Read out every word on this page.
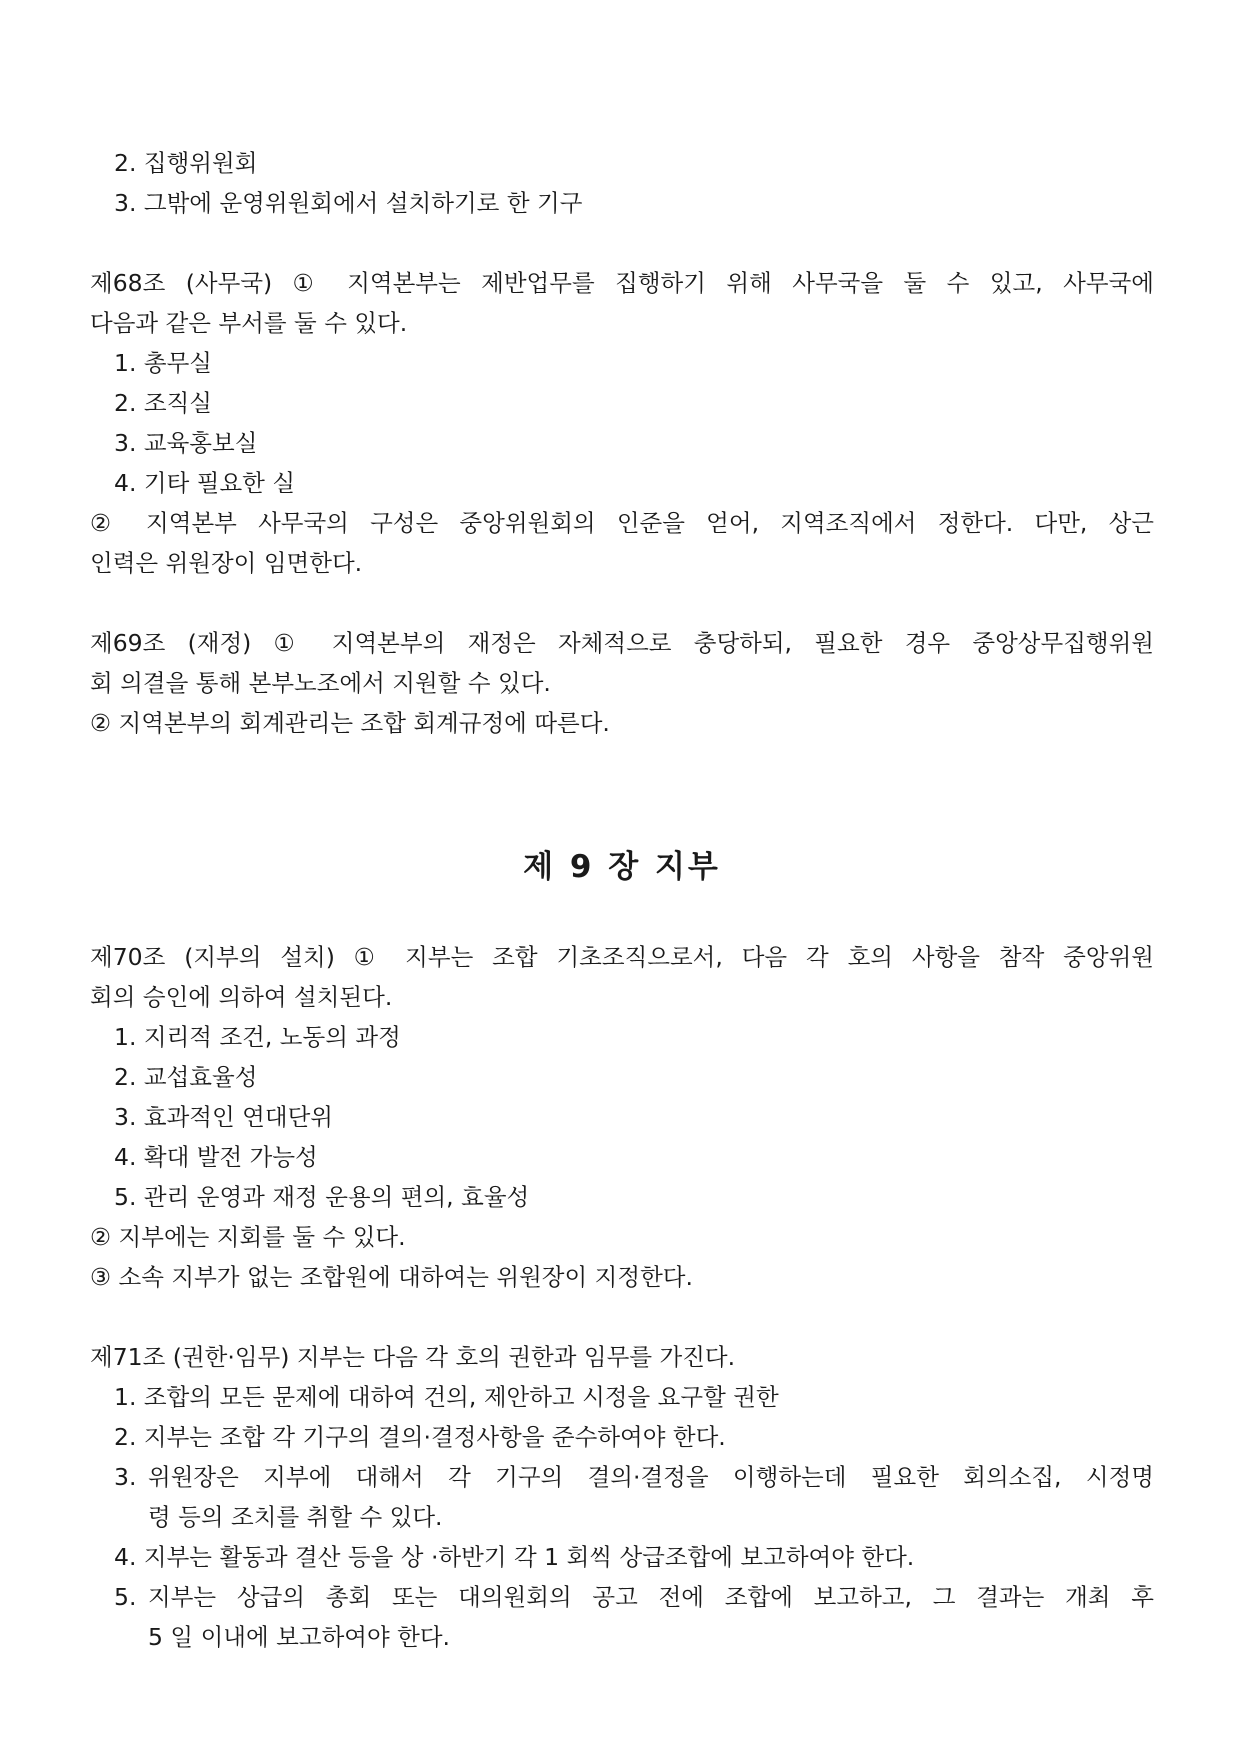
2. 집행위원회
3. 그밖에 운영위원회에서 설치하기로 한 기구
제68조 (사무국) ① 지역본부는 제반업무를 집행하기 위해 사무국을 둘 수 있고, 사무국에
다음과 같은 부서를 둘 수 있다.
1. 총무실
2. 조직실
3. 교육홍보실
4. 기타 필요한 실
② 지역본부 사무국의 구성은 중앙위원회의 인준을 얻어, 지역조직에서 정한다. 다만, 상근
인력은 위원장이 임면한다.
제69조 (재정) ① 지역본부의 재정은 자체적으로 충당하되, 필요한 경우 중앙상무집행위원
회 의결을 통해 본부노조에서 지원할 수 있다.
② 지역본부의 회계관리는 조합 회계규정에 따른다.
제 9 장 지부
제70조 (지부의 설치) ① 지부는 조합 기초조직으로서, 다음 각 호의 사항을 참작 중앙위원
회의 승인에 의하여 설치된다.
1. 지리적 조건, 노동의 과정
2. 교섭효율성
3. 효과적인 연대단위
4. 확대 발전 가능성
5. 관리 운영과 재정 운용의 편의, 효율성
② 지부에는 지회를 둘 수 있다.
③ 소속 지부가 없는 조합원에 대하여는 위원장이 지정한다.
제71조 (권한·임무) 지부는 다음 각 호의 권한과 임무를 가진다.
1. 조합의 모든 문제에 대하여 건의, 제안하고 시정을 요구할 권한
2. 지부는 조합 각 기구의 결의·결정사항을 준수하여야 한다.
3. 위원장은 지부에 대해서 각 기구의 결의·결정을 이행하는데 필요한 회의소집, 시정명
령 등의 조치를 취할 수 있다.
4. 지부는 활동과 결산 등을 상 ·하반기 각 1 회씩 상급조합에 보고하여야 한다.
5. 지부는 상급의 총회 또는 대의원회의 공고 전에 조합에 보고하고, 그 결과는 개최 후
5 일 이내에 보고하여야 한다.
